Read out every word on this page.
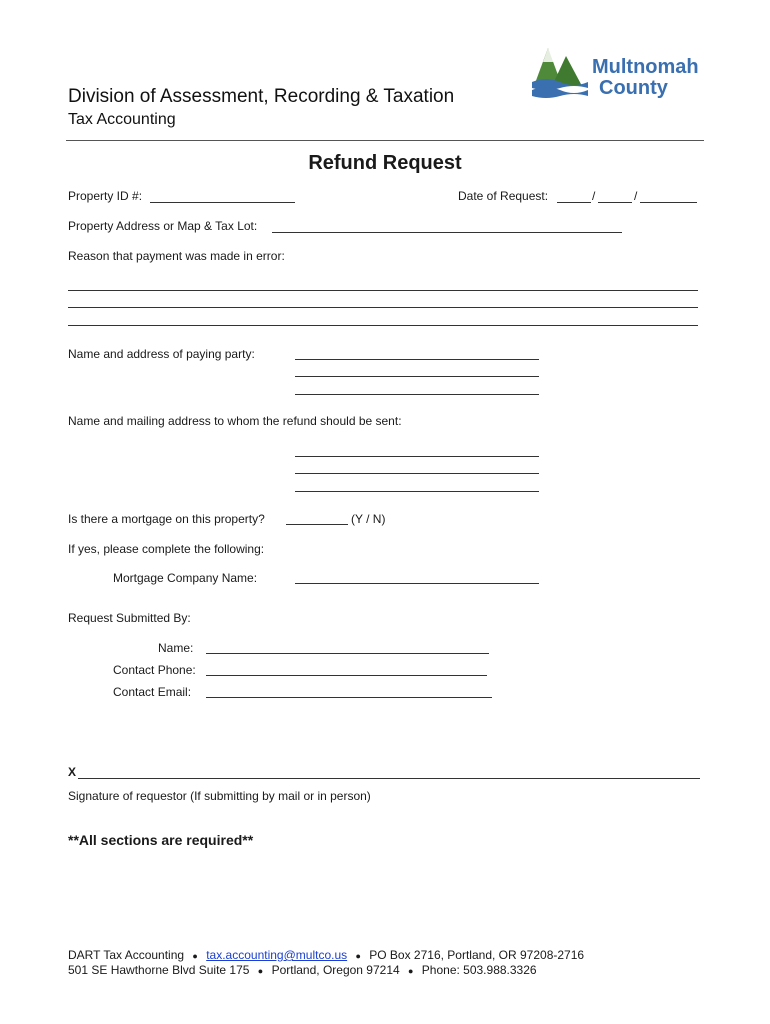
Division of Assessment, Recording & Taxation
Tax Accounting
Multnomah
County
Refund Request
Property ID #:	Date of Request:	/	/
Property Address or Map & Tax Lot:
Reason that payment was made in error:
Name and address of paying party:
Name and mailing address to whom the refund should be sent:
Is there a mortgage on this property?	(Y / N)
If yes, please complete the following:
Mortgage Company Name:
Request Submitted By:
Name:
Contact Phone:
Contact Email:
X
Signature of requestor (If submitting by mail or in person)
**All sections are required**
DART Tax Accounting ● tax.accounting@multco.us ● PO Box 2716, Portland, OR 97208-2716
501 SE Hawthorne Blvd Suite 175 ● Portland, Oregon 97214 ● Phone: 503.988.3326
